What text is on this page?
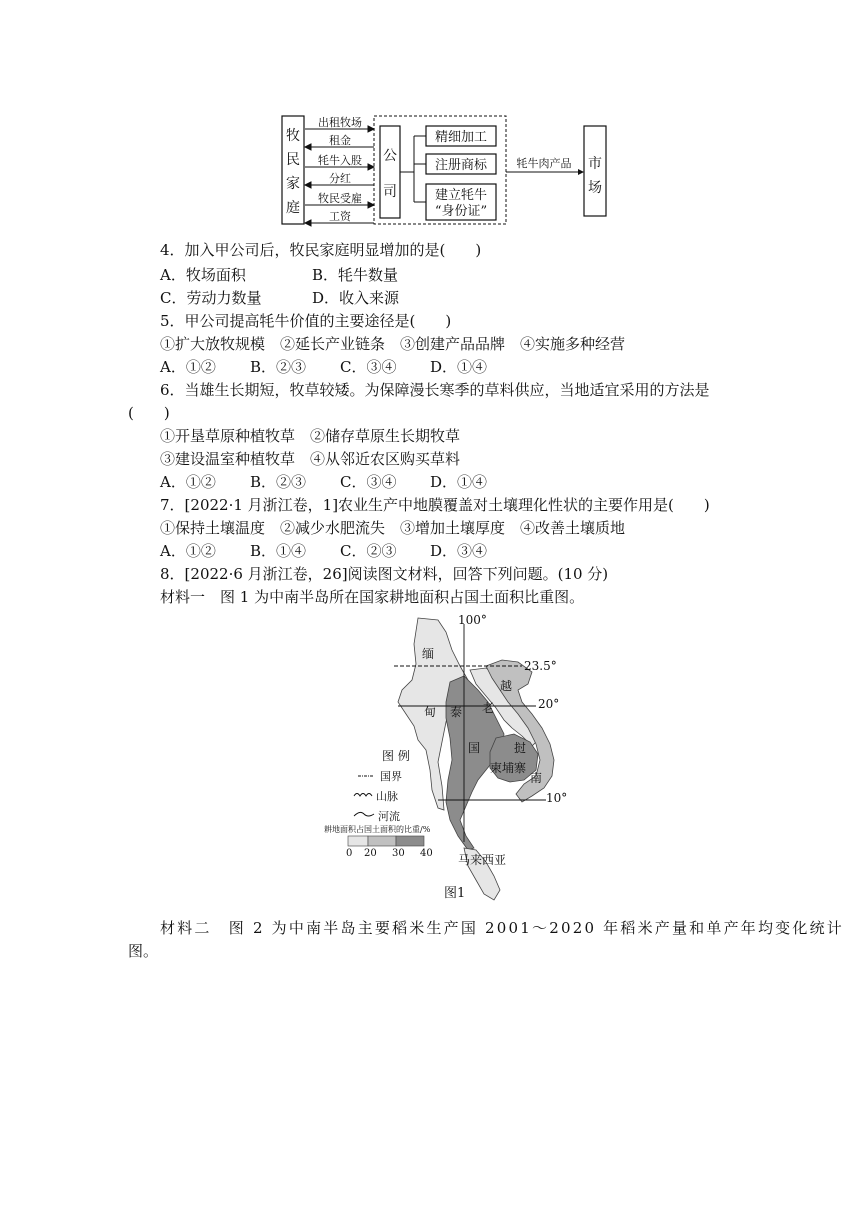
牧
民
家
庭
出租牧场
租金
牦牛入股
分红
牧民受雇
工资
公
司
精细加工
注册商标
建立牦牛
“身份证”
牦牛肉产品 市
场
4．加入甲公司后，牧民家庭明显增加的是(　　)
A．牧场面积	B．牦牛数量
C．劳动力数量	D．收入来源
5．甲公司提高牦牛价值的主要途径是(　　)
①扩大放牧规模　②延长产业链条　③创建产品品牌　④实施多种经营
A．①② B．②③ C．③④ D．①④
6．当雄生长期短，牧草较矮。为保障漫长寒季的草料供应，当地适宜采用的方法是
(　　)
①开垦草原种植牧草　②储存草原生长期牧草
③建设温室种植牧草　④从邻近农区购买草料
A．①② B．②③ C．③④ D．①④
7．[2022·1 月浙江卷，1]农业生产中地膜覆盖对土壤理化性状的主要作用是(　　)
①保持土壤温度　②减少水肥流失　③增加土壤厚度　④改善土壤质地
A．①② B．①④ C．②③ D．③④
8．[2022·6 月浙江卷，26]阅读图文材料，回答下列问题。(10 分)
材料一　图 1 为中南半岛所在国家耕地面积占国土面积比重图。
100°
23.5°
20°
10°
缅
甸 泰
国
老
越
挝
南
柬埔寨
马来西亚
图 例
国界
山脉
河流
耕地面积占国土面积的比重/%
0 20 30 40
图1
材料二　图 2 为中南半岛主要稻米生产国 2001～2020 年稻米产量和单产年均变化统计
图。
